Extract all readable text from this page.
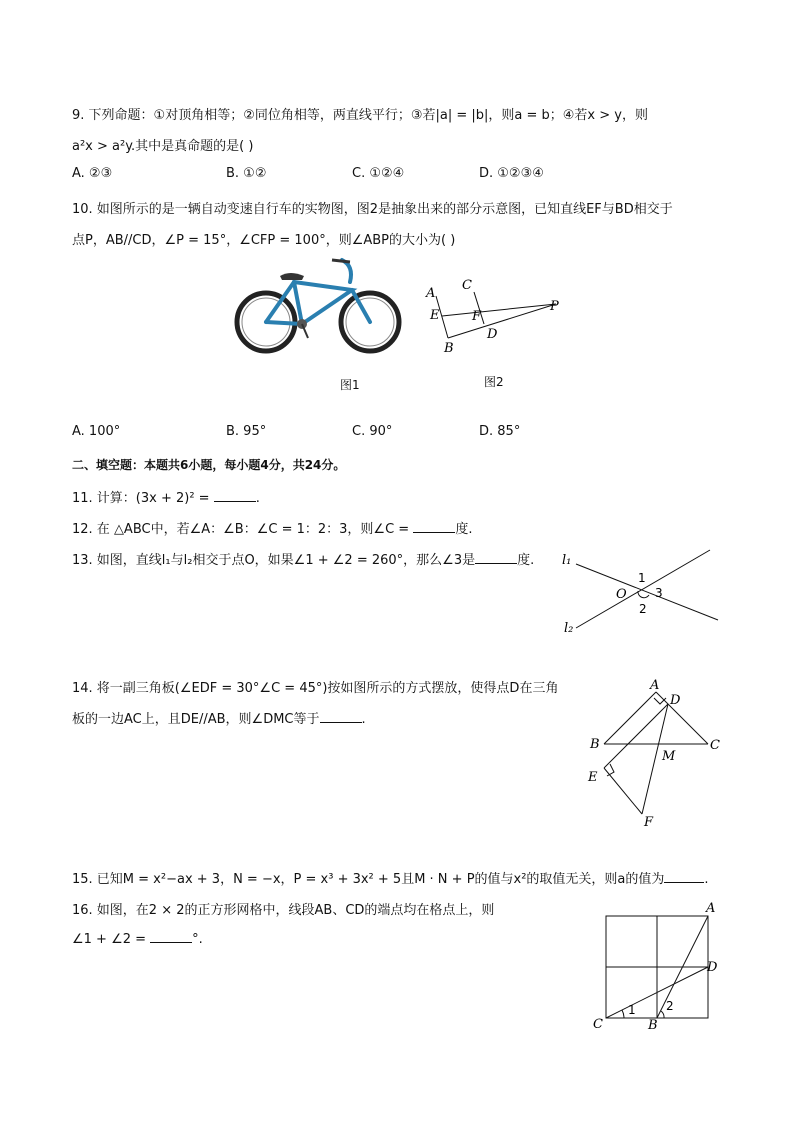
9. 下列命题：①对顶角相等；②同位角相等，两直线平行；③若|a| = |b|，则a = b；④若x > y，则
a²x > a²y.其中是真命题的是( )
A. ②③	B. ①②	C. ①②④	D. ①②③④
10. 如图所示的是一辆自动变速自行车的实物图，图2是抽象出来的部分示意图，已知直线EF与BD相交于
点P，AB//CD，∠P = 15°，∠CFP = 100°，则∠ABP的大小为( )
图1
A
C
P
E	F
D
B
图2
A. 100°	B. 95°	C. 90°	D. 85°
二、填空题：本题共6小题，每小题4分，共24分。
11. 计算：(3x + 2)² =	.
12. 在 △ABC中，若∠A：∠B：∠C = 1：2：3，则∠C =	度.
13. 如图，直线l₁与l₂相交于点O，如果∠1 + ∠2 = 260°，那么∠3是	度. l₁
l₂
O
1
2
3
14. 将一副三角板(∠EDF = 30°∠C = 45°)按如图所示的方式摆放，使得点D在三角
板的一边AC上，且DE//AB，则∠DMC等于	.
A
D
B
M
C
E
F
15. 已知M = x²−ax + 3，N = −x，P = x³ + 3x² + 5且M · N + P的值与x²的取值无关，则a的值为	.
16. 如图，在2 × 2的正方形网格中，线段AB、CD的端点均在格点上，则
∠1 + ∠2 =	°.
A
D
C	B
1	2
